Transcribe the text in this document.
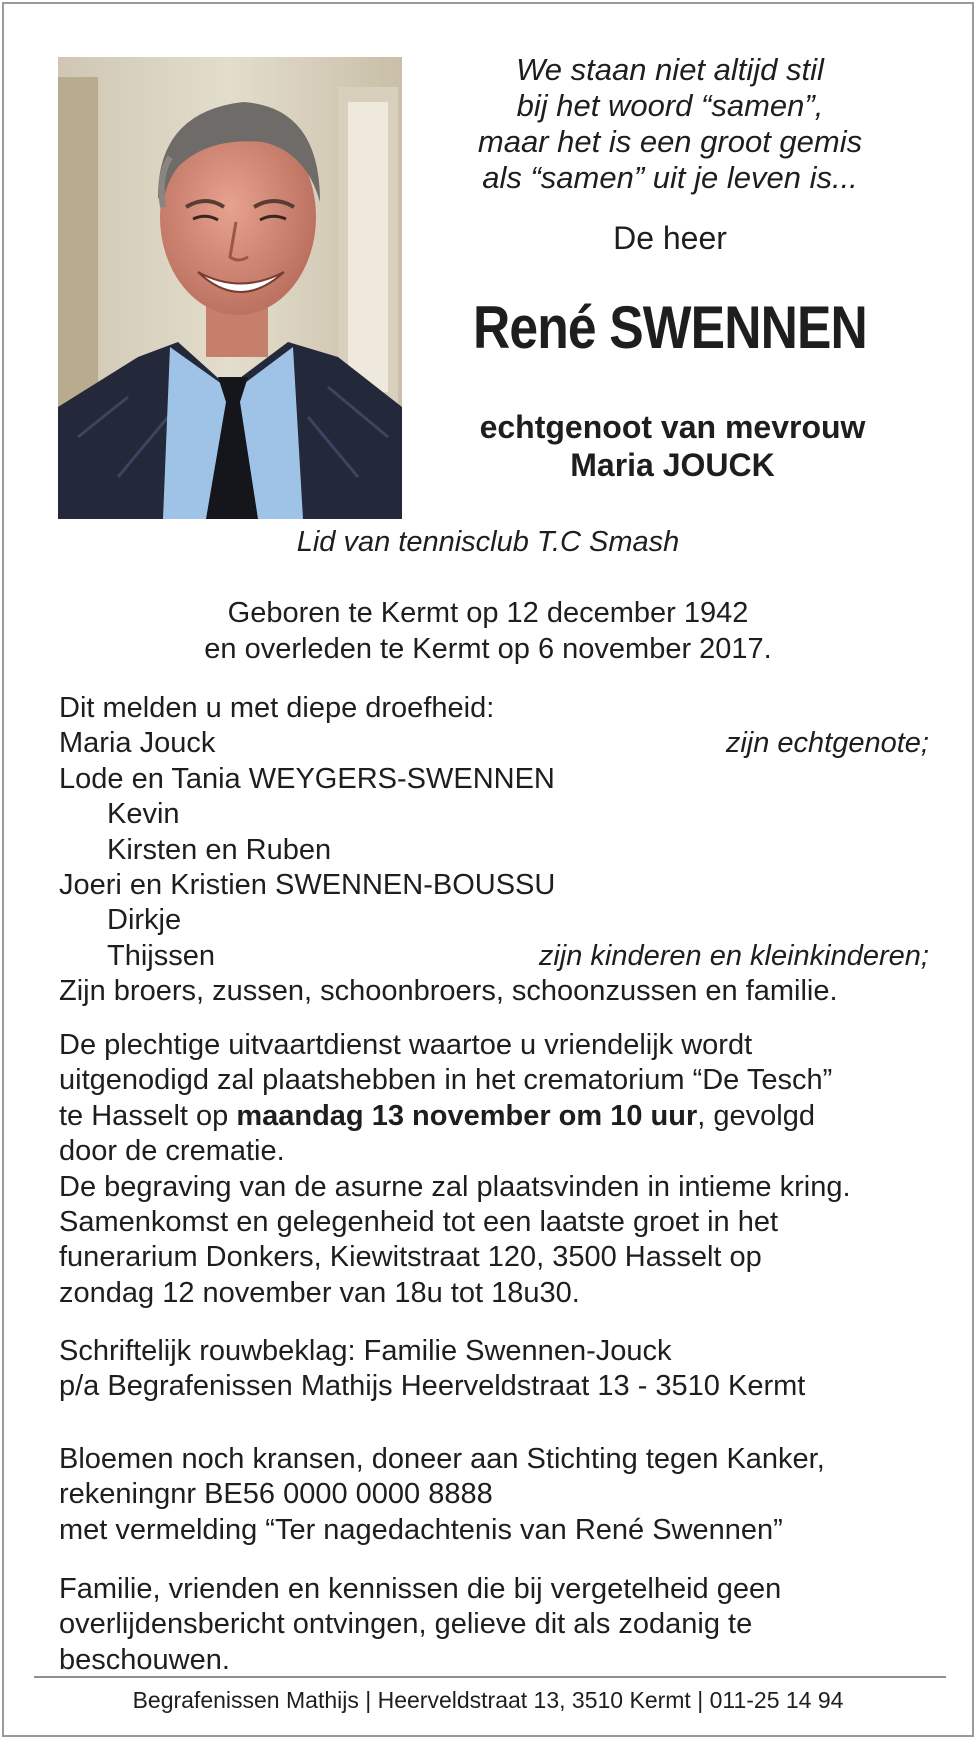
We staan niet altijd stil
bij het woord “samen”,
maar het is een groot gemis
als “samen” uit je leven is...
De heer
René SWENNEN
echtgenoot van mevrouw
Maria JOUCK
Lid van tennisclub T.C Smash
Geboren te Kermt op 12 december 1942
en overleden te Kermt op 6 november 2017.
Dit melden u met diepe droefheid:
Maria Jouck	zijn echtgenote;
Lode en Tania WEYGERS-SWENNEN
Kevin
Kirsten en Ruben
Joeri en Kristien SWENNEN-BOUSSU
Dirkje
Thijssen	zijn kinderen en kleinkinderen;
Zijn broers, zussen, schoonbroers, schoonzussen en familie.
De plechtige uitvaartdienst waartoe u vriendelijk wordt
uitgenodigd zal plaatshebben in het crematorium “De Tesch”
te Hasselt op maandag 13 november om 10 uur, gevolgd
door de crematie.
De begraving van de asurne zal plaatsvinden in intieme kring.
Samenkomst en gelegenheid tot een laatste groet in het
funerarium Donkers, Kiewitstraat 120, 3500 Hasselt op
zondag 12 november van 18u tot 18u30.
Schriftelijk rouwbeklag: Familie Swennen-Jouck
p/a Begrafenissen Mathijs Heerveldstraat 13 - 3510 Kermt
Bloemen noch kransen, doneer aan Stichting tegen Kanker,
rekeningnr BE56 0000 0000 8888
met vermelding “Ter nagedachtenis van René Swennen”
Familie, vrienden en kennissen die bij vergetelheid geen
overlijdensbericht ontvingen, gelieve dit als zodanig te
beschouwen.
Begrafenissen Mathijs | Heerveldstraat 13, 3510 Kermt | 011-25 14 94
